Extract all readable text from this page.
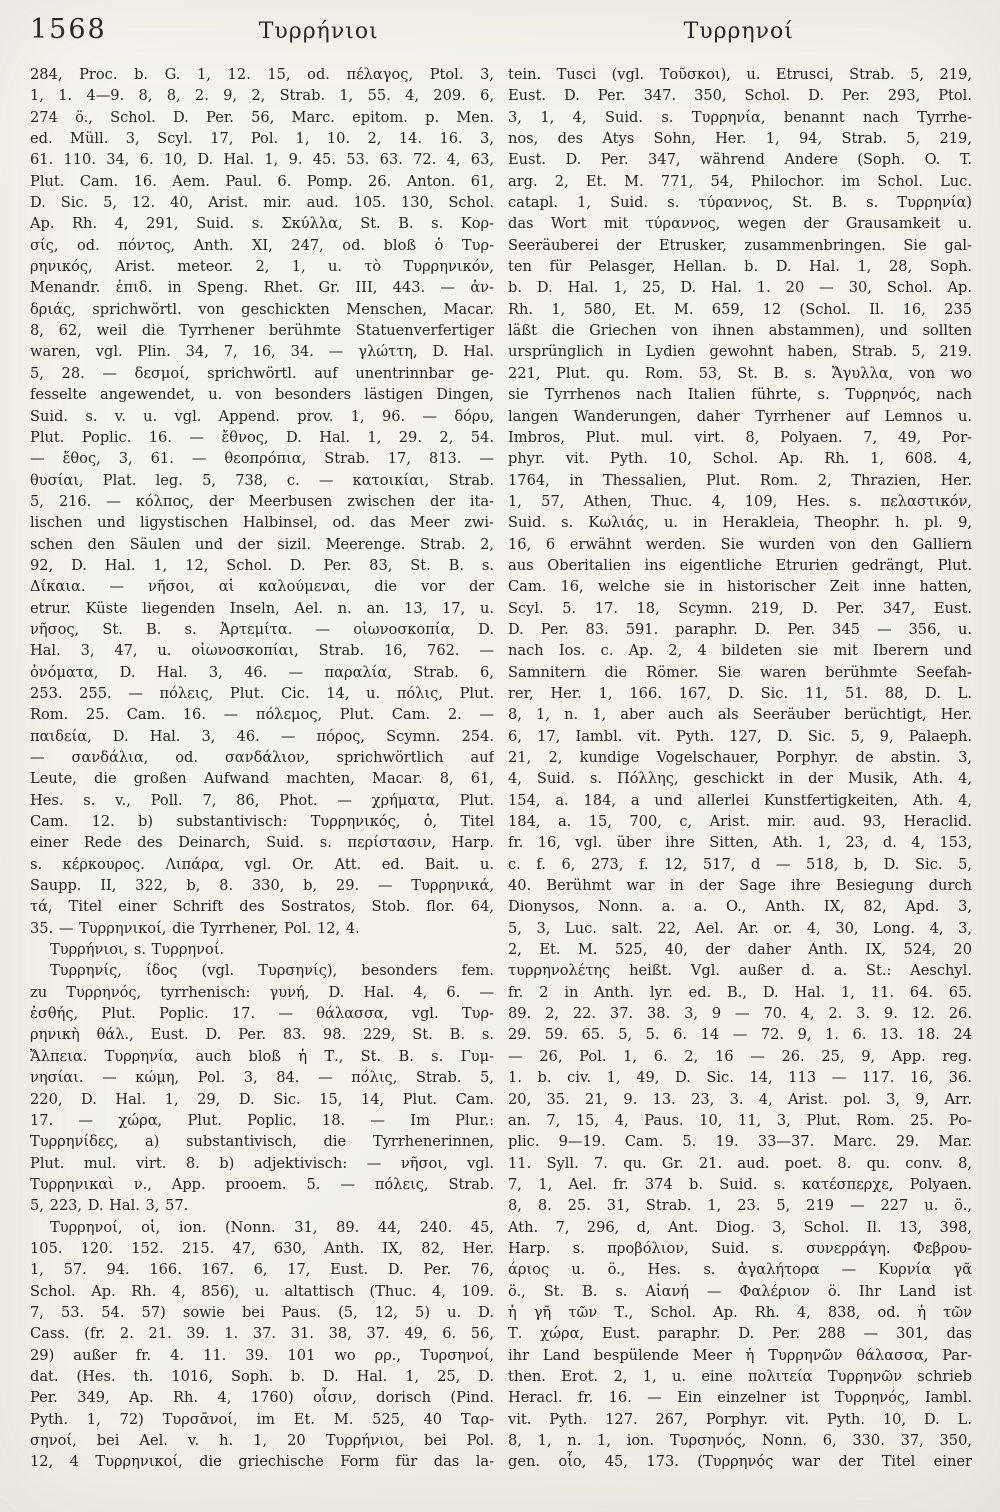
1568	Τυρρήνιοι	Τυρρηνοί
284, Proc. b. G. 1, 12. 15, od. πέλαγος, Ptol. 3,
1, 1. 4—9. 8, 8, 2. 9, 2, Strab. 1, 55. 4, 209. 6,
274 ö., Schol. D. Per. 56, Marc. epitom. p. Men.
ed. Müll. 3, Scyl. 17, Pol. 1, 10. 2, 14. 16. 3,
61. 110. 34, 6. 10, D. Hal. 1, 9. 45. 53. 63. 72. 4, 63,
Plut. Cam. 16. Aem. Paul. 6. Pomp. 26. Anton. 61,
D. Sic. 5, 12. 40, Arist. mir. aud. 105. 130, Schol.
Ap. Rh. 4, 291, Suid. s. Σκύλλα, St. B. s. Κορ-
σίς, od. πόντος, Anth. XI, 247, od. bloß ὁ Τυρ-
ρηνικός, Arist. meteor. 2, 1, u. τὸ Τυρρηνικόν,
Menandr. ἐπιδ. in Speng. Rhet. Gr. III, 443. — ἀν-
δριάς, sprichwörtl. von geschickten Menschen, Macar.
8, 62, weil die Tyrrhener berühmte Statuenverfertiger
waren, vgl. Plin. 34, 7, 16, 34. — γλώττη, D. Hal.
5, 28. — δεσμοί, sprichwörtl. auf unentrinnbar ge-
fesselte angewendet, u. von besonders lästigen Dingen,
Suid. s. v. u. vgl. Append. prov. 1, 96. — δόρυ,
Plut. Poplic. 16. — ἔθνος, D. Hal. 1, 29. 2, 54.
— ἔθος, 3, 61. — θεοπρόπια, Strab. 17, 813. —
θυσίαι, Plat. leg. 5, 738, c. — κατοικίαι, Strab.
5, 216. — κόλπος, der Meerbusen zwischen der ita-
lischen und ligystischen Halbinsel, od. das Meer zwi-
schen den Säulen und der sizil. Meerenge. Strab. 2,
92, D. Hal. 1, 12, Schol. D. Per. 83, St. B. s.
Δίκαια. — νῆσοι, αἱ καλούμεναι, die vor der
etrur. Küste liegenden Inseln, Ael. n. an. 13, 17, u.
νῆσος, St. B. s. Ἀρτεμίτα. — οἰωνοσκοπία, D.
Hal. 3, 47, u. οἰωνοσκοπίαι, Strab. 16, 762. —
ὀνόματα, D. Hal. 3, 46. — παραλία, Strab. 6,
253. 255. — πόλεις, Plut. Cic. 14, u. πόλις, Plut.
Rom. 25. Cam. 16. — πόλεμος, Plut. Cam. 2. —
παιδεία, D. Hal. 3, 46. — πόρος, Scymn. 254.
— σανδάλια, od. σανδάλιον, sprichwörtlich auf
Leute, die großen Aufwand machten, Macar. 8, 61,
Hes. s. v., Poll. 7, 86, Phot. — χρήματα, Plut.
Cam. 12. b) substantivisch: Τυρρηνικός, ὁ, Titel
einer Rede des Deinarch, Suid. s. περίστασιν, Harp.
s. κέρκουρος. Λιπάρα, vgl. Or. Att. ed. Bait. u.
Saupp. II, 322, b, 8. 330, b, 29. — Τυρρηνικά,
τά, Titel einer Schrift des Sostratos, Stob. flor. 64,
35. — Τυρρηνικοί, die Tyrrhener, Pol. 12, 4.
Τυρρήνιοι, s. Τυρρηνοί.
Τυρρηνίς, ίδος (vgl. Τυρσηνίς), besonders fem.
zu Τυρρηνός, tyrrhenisch: γυνή, D. Hal. 4, 6. —
ἐσθής, Plut. Poplic. 17. — θάλασσα, vgl. Τυρ-
ρηνικὴ θάλ., Eust. D. Per. 83. 98. 229, St. B. s.
Ἄλπεια. Τυρρηνία, auch bloß ἡ Τ., St. B. s. Γυμ-
νησίαι. — κώμη, Pol. 3, 84. — πόλις, Strab. 5,
220, D. Hal. 1, 29, D. Sic. 15, 14, Plut. Cam.
17. — χώρα, Plut. Poplic. 18. — Im Plur.:
Τυρρηνίδες, a) substantivisch, die Tyrrhenerinnen,
Plut. mul. virt. 8. b) adjektivisch: — νῆσοι, vgl.
Τυρρηνικαὶ ν., App. prooem. 5. — πόλεις, Strab.
5, 223, D. Hal. 3, 57.
Τυρρηνοί, οἱ, ion. (Nonn. 31, 89. 44, 240. 45,
105. 120. 152. 215. 47, 630, Anth. IX, 82, Her.
1, 57. 94. 166. 167. 6, 17, Eust. D. Per. 76,
Schol. Ap. Rh. 4, 856), u. altattisch (Thuc. 4, 109.
7, 53. 54. 57) sowie bei Paus. (5, 12, 5) u. D.
Cass. (fr. 2. 21. 39. 1. 37. 31. 38, 37. 49, 6. 56,
29) außer fr. 4. 11. 39. 101 wo ρρ., Τυρσηνοί,
dat. (Hes. th. 1016, Soph. b. D. Hal. 1, 25, D.
Per. 349, Ap. Rh. 4, 1760) οἷσιν, dorisch (Pind.
Pyth. 1, 72) Τυρσᾱνοί, im Et. M. 525, 40 Ταρ-
σηνοί, bei Ael. v. h. 1, 20 Τυρρήνιοι, bei Pol.
12, 4 Τυρρηνικοί, die griechische Form für das la-
tein. Tusci (vgl. Τοῦσκοι), u. Etrusci, Strab. 5, 219,
Eust. D. Per. 347. 350, Schol. D. Per. 293, Ptol.
3, 1, 4, Suid. s. Τυρρηνία, benannt nach Tyrrhe-
nos, des Atys Sohn, Her. 1, 94, Strab. 5, 219,
Eust. D. Per. 347, während Andere (Soph. O. T.
arg. 2, Et. M. 771, 54, Philochor. im Schol. Luc.
catapl. 1, Suid. s. τύραννος, St. B. s. Τυρρηνία)
das Wort mit τύραννος, wegen der Grausamkeit u.
Seeräuberei der Etrusker, zusammenbringen. Sie gal-
ten für Pelasger, Hellan. b. D. Hal. 1, 28, Soph.
b. D. Hal. 1, 25, D. Hal. 1. 20 — 30, Schol. Ap.
Rh. 1, 580, Et. M. 659, 12 (Schol. Il. 16, 235
läßt die Griechen von ihnen abstammen), und sollten
ursprünglich in Lydien gewohnt haben, Strab. 5, 219.
221, Plut. qu. Rom. 53, St. B. s. Ἄγυλλα, von wo
sie Tyrrhenos nach Italien führte, s. Τυρρηνός, nach
langen Wanderungen, daher Tyrrhener auf Lemnos u.
Imbros, Plut. mul. virt. 8, Polyaen. 7, 49, Por-
phyr. vit. Pyth. 10, Schol. Ap. Rh. 1, 608. 4,
1764, in Thessalien, Plut. Rom. 2, Thrazien, Her.
1, 57, Athen, Thuc. 4, 109, Hes. s. πελαστικόν,
Suid. s. Κωλιάς, u. in Herakleia, Theophr. h. pl. 9,
16, 6 erwähnt werden. Sie wurden von den Galliern
aus Oberitalien ins eigentliche Etrurien gedrängt, Plut.
Cam. 16, welche sie in historischer Zeit inne hatten,
Scyl. 5. 17. 18, Scymn. 219, D. Per. 347, Eust.
D. Per. 83. 591. paraphr. D. Per. 345 — 356, u.
nach Ios. c. Ap. 2, 4 bildeten sie mit Iberern und
Samnitern die Römer. Sie waren berühmte Seefah-
rer, Her. 1, 166. 167, D. Sic. 11, 51. 88, D. L.
8, 1, n. 1, aber auch als Seeräuber berüchtigt, Her.
6, 17, Iambl. vit. Pyth. 127, D. Sic. 5, 9, Palaeph.
21, 2, kundige Vogelschauer, Porphyr. de abstin. 3,
4, Suid. s. Πόλλης, geschickt in der Musik, Ath. 4,
154, a. 184, a und allerlei Kunstfertigkeiten, Ath. 4,
184, a. 15, 700, c, Arist. mir. aud. 93, Heraclid.
fr. 16, vgl. über ihre Sitten, Ath. 1, 23, d. 4, 153,
c. f. 6, 273, f. 12, 517, d — 518, b, D. Sic. 5,
40. Berühmt war in der Sage ihre Besiegung durch
Dionysos, Nonn. a. a. O., Anth. IX, 82, Apd. 3,
5, 3, Luc. salt. 22, Ael. Ar. or. 4, 30, Long. 4, 3,
2, Et. M. 525, 40, der daher Anth. IX, 524, 20
τυρρηνολέτης heißt. Vgl. außer d. a. St.: Aeschyl.
fr. 2 in Anth. lyr. ed. B., D. Hal. 1, 11. 64. 65.
89. 2, 22. 37. 38. 3, 9 — 70. 4, 2. 3. 9. 12. 26.
29. 59. 65. 5, 5. 6. 14 — 72. 9, 1. 6. 13. 18. 24
— 26, Pol. 1, 6. 2, 16 — 26. 25, 9, App. reg.
1. b. civ. 1, 49, D. Sic. 14, 113 — 117. 16, 36.
20, 35. 21, 9. 13. 23, 3. 4, Arist. pol. 3, 9, Arr.
an. 7, 15, 4, Paus. 10, 11, 3, Plut. Rom. 25. Po-
plic. 9—19. Cam. 5. 19. 33—37. Marc. 29. Mar.
11. Syll. 7. qu. Gr. 21. aud. poet. 8. qu. conv. 8,
7, 1, Ael. fr. 374 b. Suid. s. κατέσπερχε, Polyaen.
8, 8. 25. 31, Strab. 1, 23. 5, 219 — 227 u. ö.,
Ath. 7, 296, d, Ant. Diog. 3, Schol. Il. 13, 398,
Harp. s. προβόλιον, Suid. s. συνερράγη. Φεβρου-
άριος u. ö., Hes. s. ἀγαλήτορα — Κυρνία γᾶ
ö., St. B. s. Αἰανή — Φαλέριον ö. Ihr Land ist
ἡ γῆ τῶν Τ., Schol. Ap. Rh. 4, 838, od. ἡ τῶν
Τ. χώρα, Eust. paraphr. D. Per. 288 — 301, das
ihr Land bespülende Meer ἡ Τυρρηνῶν θάλασσα, Par-
then. Erot. 2, 1, u. eine πολιτεία Τυρρηνῶν schrieb
Heracl. fr. 16. — Ein einzelner ist Τυρρηνός, Iambl.
vit. Pyth. 127. 267, Porphyr. vit. Pyth. 10, D. L.
8, 1, n. 1, ion. Τυρσηνός, Nonn. 6, 330. 37, 350,
gen. οἷο, 45, 173. (Τυρρηνός war der Titel einer
